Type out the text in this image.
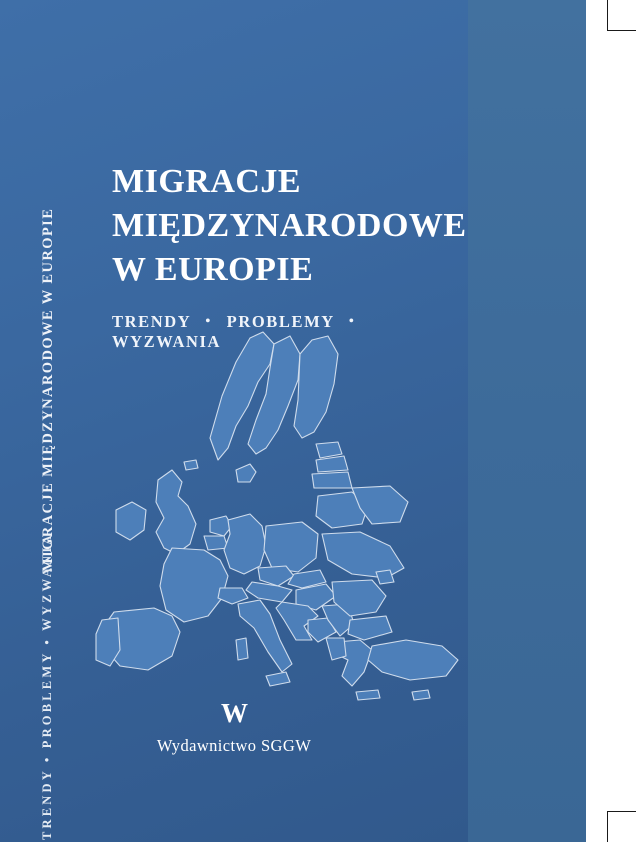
MIGRACJE MIĘDZYNARODOWE W EUROPIE
TRENDY • PROBLEMY • WYZWANIA
MIGRACJE
MIĘDZYNARODOWE
W EUROPIE
TRENDY • PROBLEMY • WYZWANIA
W
Wydawnictwo SGGW
